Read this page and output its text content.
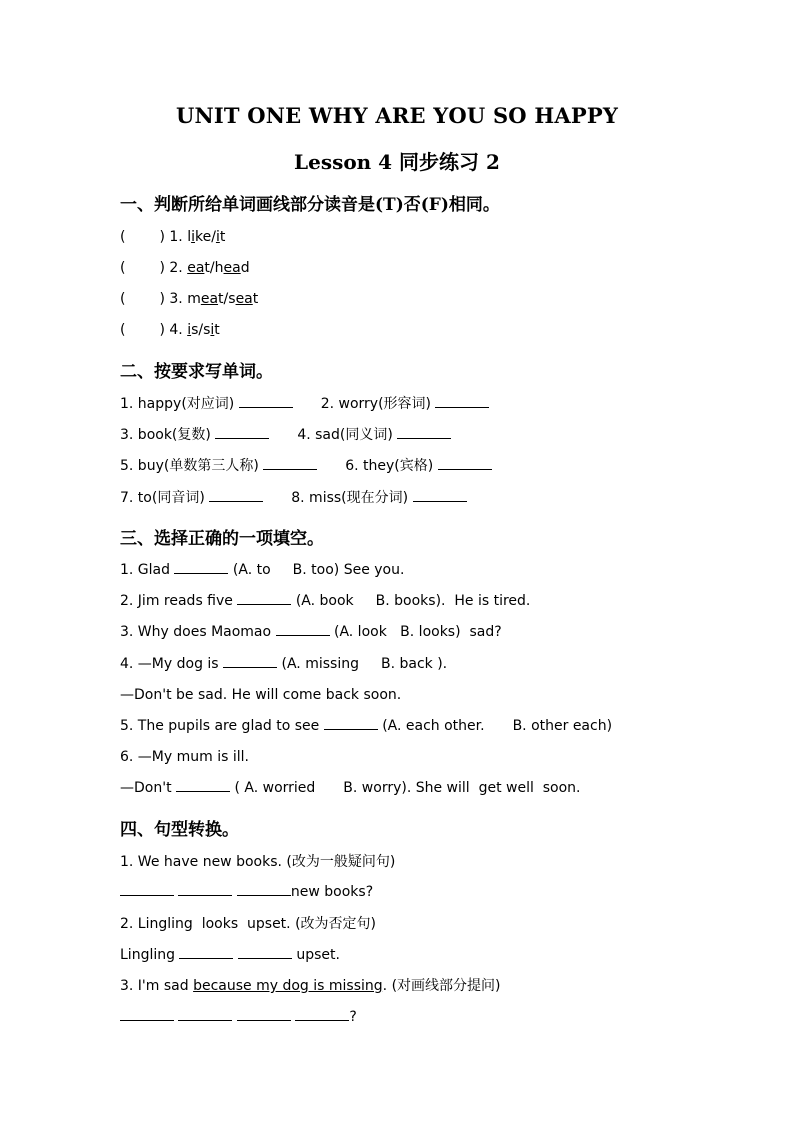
UNIT ONE WHY ARE YOU SO HAPPY
Lesson 4 同步练习 2
一、判断所给单词画线部分读音是(T)否(F)相同。
( ) 1. like/it
( ) 2. eat/head
( ) 3. meat/seat
( ) 4. is/sit
二、按要求写单词。
1. happy(对应词)	2. worry(形容词)
3. book(复数)	4. sad(同义词)
5. buy(单数第三人称)	6. they(宾格)
7. to(同音词)	8. miss(现在分词)
三、选择正确的一项填空。
1. Glad	(A. to B. too) See you.
2. Jim reads five	(A. book B. books).  He is tired.
3. Why does Maomao	(A. look B. looks)  sad?
4. —My dog is	(A. missing B. back ).
—Don't be sad. He will come back soon.
5. The pupils are glad to see	(A. each other. B. other each)
6. —My mum is ill.
—Don't	( A. worried B. worry). She will  get well  soon.
四、句型转换。
1. We have new books. (改为一般疑问句)
new books?
2. Lingling  looks  upset. (改为否定句)
Lingling	upset.
3. I'm sad because my dog is missing. (对画线部分提问)
?
